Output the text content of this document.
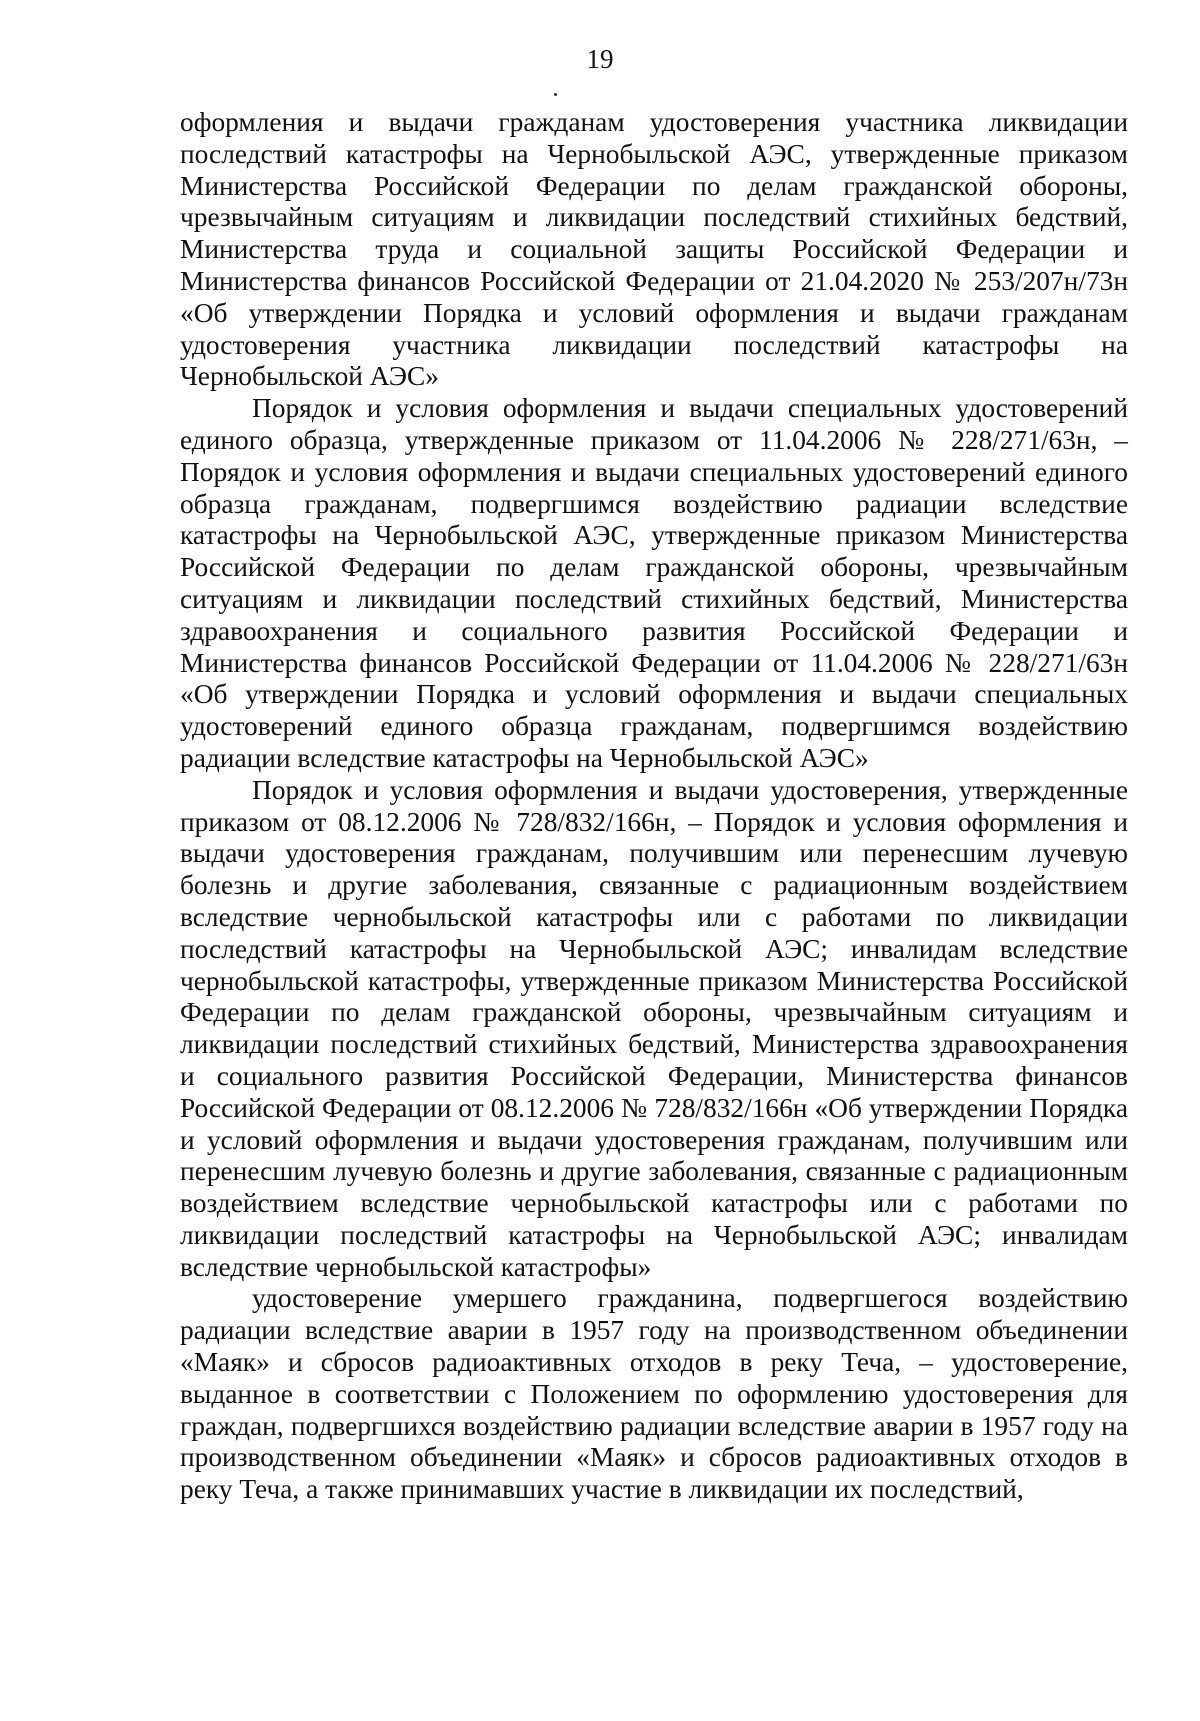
19

оформления и выдачи гражданам удостоверения участника ликвидации последствий катастрофы на Чернобыльской АЭС, утвержденные приказом Министерства Российской Федерации по делам гражданской обороны, чрезвычайным ситуациям и ликвидации последствий стихийных бедствий, Министерства труда и социальной защиты Российской Федерации и Министерства финансов Российской Федерации от 21.04.2020 № 253/207н/73н «Об утверждении Порядка и условий оформления и выдачи гражданам удостоверения участника ликвидации последствий катастрофы на Чернобыльской АЭС»

Порядок и условия оформления и выдачи специальных удостоверений единого образца, утвержденные приказом от 11.04.2006 № 228/271/63н, – Порядок и условия оформления и выдачи специальных удостоверений единого образца гражданам, подвергшимся воздействию радиации вследствие катастрофы на Чернобыльской АЭС, утвержденные приказом Министерства Российской Федерации по делам гражданской обороны, чрезвычайным ситуациям и ликвидации последствий стихийных бедствий, Министерства здравоохранения и социального развития Российской Федерации и Министерства финансов Российской Федерации от 11.04.2006 № 228/271/63н «Об утверждении Порядка и условий оформления и выдачи специальных удостоверений единого образца гражданам, подвергшимся воздействию радиации вследствие катастрофы на Чернобыльской АЭС»

Порядок и условия оформления и выдачи удостоверения, утвержденные приказом от 08.12.2006 № 728/832/166н, – Порядок и условия оформления и выдачи удостоверения гражданам, получившим или перенесшим лучевую болезнь и другие заболевания, связанные с радиационным воздействием вследствие чернобыльской катастрофы или с работами по ликвидации последствий катастрофы на Чернобыльской АЭС; инвалидам вследствие чернобыльской катастрофы, утвержденные приказом Министерства Российской Федерации по делам гражданской обороны, чрезвычайным ситуациям и ликвидации последствий стихийных бедствий, Министерства здравоохранения и социального развития Российской Федерации, Министерства финансов Российской Федерации от 08.12.2006 № 728/832/166н «Об утверждении Порядка и условий оформления и выдачи удостоверения гражданам, получившим или перенесшим лучевую болезнь и другие заболевания, связанные с радиационным воздействием вследствие чернобыльской катастрофы или с работами по ликвидации последствий катастрофы на Чернобыльской АЭС; инвалидам вследствие чернобыльской катастрофы»

удостоверение умершего гражданина, подвергшегося воздействию радиации вследствие аварии в 1957 году на производственном объединении «Маяк» и сбросов радиоактивных отходов в реку Теча, – удостоверение, выданное в соответствии с Положением по оформлению удостоверения для граждан, подвергшихся воздействию радиации вследствие аварии в 1957 году на производственном объединении «Маяк» и сбросов радиоактивных отходов в реку Теча, а также принимавших участие в ликвидации их последствий,
